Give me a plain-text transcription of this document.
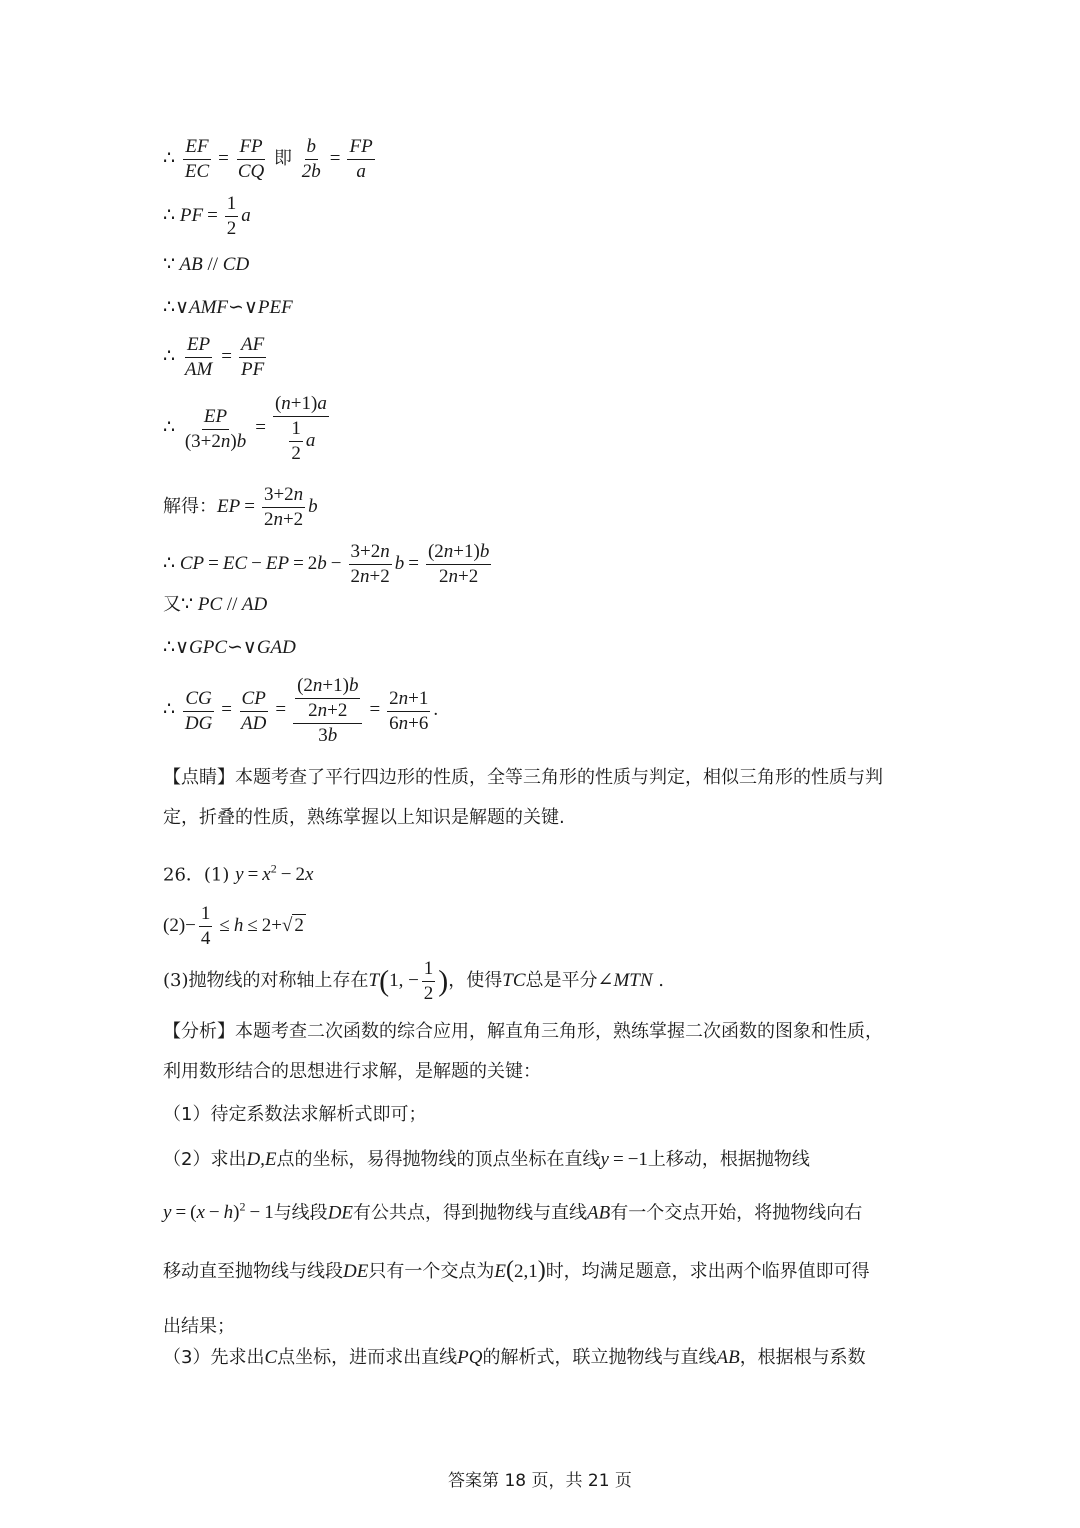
∴ $\frac{EF}{EC} = \frac{FP}{CQ}$ 即 $\frac{b}{2b} = \frac{FP}{a}$
∴ PF = $\frac{1}{2}$ a
∵ AB // CD
∴∨AMF∽∨PEF
∴ $\frac{EP}{AM} = \frac{AF}{PF}$
∴ $\frac{EP}{(3+2n)b} = \frac{(n+1)a}{\frac{1}{2} a}$
解得：EP = $\frac{3+2n}{2n+2}$ b
∴ CP = EC − EP = $2b - \frac{3+2n}{2n+2}$ $b = \frac{(2n+1)b}{2n+2}$
又∵ PC // AD
∴∨GPC∽∨GAD
∴ $\frac{CG}{DG} = \frac{CP}{AD} = \frac{\frac{(2n+1)b}{2n+2}}{3b} = \frac{2n+1}{6n+6}$ .
【点睛】本题考查了平行四边形的性质，全等三角形的性质与判定，相似三角形的性质与判
定，折叠的性质，熟练掌握以上知识是解题的关键.
26．(1) $y = x^2 - 2x$
$(2)- \frac{1}{4} \le h \le 2+√$ 2
(3)抛物线的对称轴上存在T(1, − $\frac{1}{2}$ )，使得TC总是平分∠MTN .
【分析】本题考查二次函数的综合应用，解直角三角形，熟练掌握二次函数的图象和性质，
利用数形结合的思想进行求解，是解题的关键：
（1）待定系数法求解析式即可；
（2）求出D,E点的坐标，易得抛物线的顶点坐标在直线y = −1上移动，根据抛物线
$y = (x - h)^2 - 1$与线段DE有公共点，得到抛物线与直线AB有一个交点开始，将抛物线向右
移动直至抛物线与线段DE只有一个交点为E(2,1)时，均满足题意，求出两个临界值即可得
出结果；
（3）先求出C点坐标，进而求出直线PQ的解析式，联立抛物线与直线AB，根据根与系数
答案第 18 页，共 21 页
